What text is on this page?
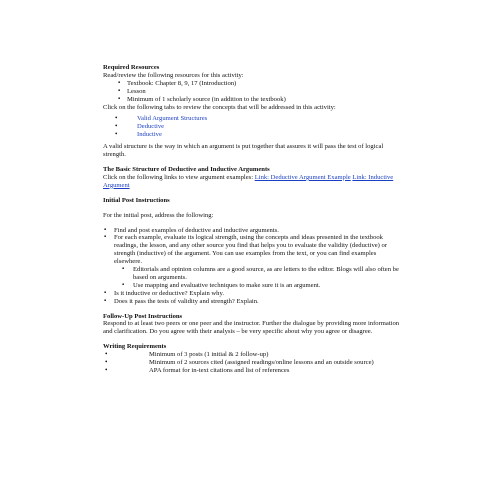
Required Resources

Read/review the following resources for this activity:

▪ Textbook: Chapter 8, 9, 17 (Introduction)
▪ Lesson
▪ Minimum of 1 scholarly source (in addition to the textbook)

Click on the following tabs to review the concepts that will be addressed in this activity:

• Valid Argument Structures
• Deductive
• Inductive

A valid structure is the way in which an argument is put together that assures it will pass the test of logical strength.

The Basic Structure of Deductive and Inductive Arguments

Click on the following links to view argument examples: Link: Deductive Argument Example Link: Inductive Argument

Initial Post Instructions

For the initial post, address the following:

▪ Find and post examples of deductive and inductive arguments.
▪ For each example, evaluate its logical strength, using the concepts and ideas presented in the textbook readings, the lesson, and any other source you find that helps you to evaluate the validity (deductive) or strength (inductive) of the argument. You can use examples from the text, or you can find examples elsewhere.
▪ Editorials and opinion columns are a good source, as are letters to the editor. Blogs will also often be based on arguments.
▪ Use mapping and evaluative techniques to make sure it is an argument.
▪ Is it inductive or deductive? Explain why.
▪ Does it pass the tests of validity and strength? Explain.

Follow-Up Post Instructions

Respond to at least two peers or one peer and the instructor. Further the dialogue by providing more information and clarification. Do you agree with their analysis – be very specific about why you agree or disagree.

Writing Requirements

• Minimum of 3 posts (1 initial & 2 follow-up)
• Minimum of 2 sources cited (assigned readings/online lessons and an outside source)
• APA format for in-text citations and list of references
